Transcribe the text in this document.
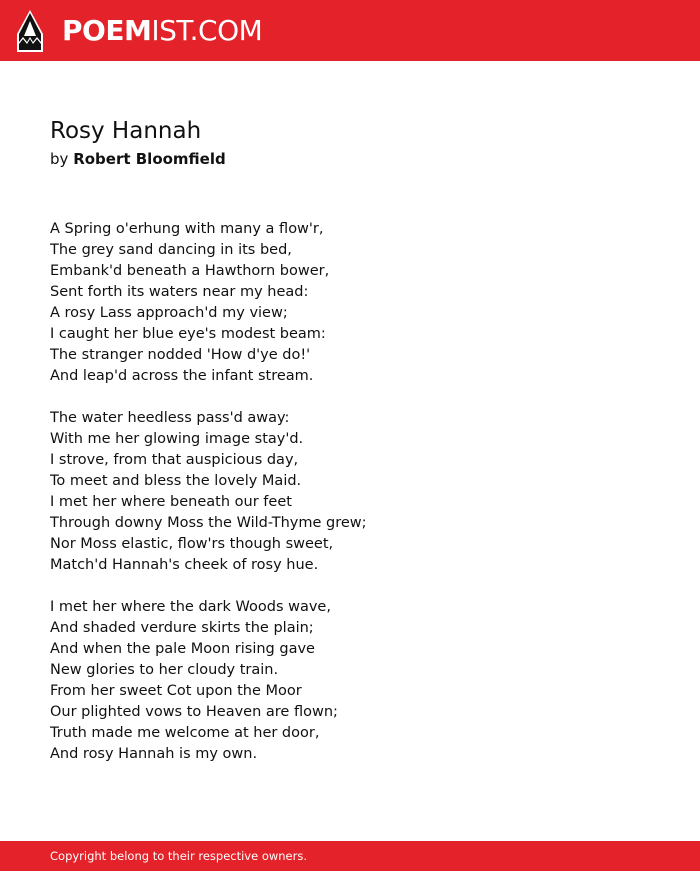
POEMIST.COM
Rosy Hannah
by Robert Bloomfield
A Spring o'erhung with many a flow'r,
The grey sand dancing in its bed,
Embank'd beneath a Hawthorn bower,
Sent forth its waters near my head:
A rosy Lass approach'd my view;
I caught her blue eye's modest beam:
The stranger nodded 'How d'ye do!'
And leap'd across the infant stream.
The water heedless pass'd away:
With me her glowing image stay'd.
I strove, from that auspicious day,
To meet and bless the lovely Maid.
I met her where beneath our feet
Through downy Moss the Wild-Thyme grew;
Nor Moss elastic, flow'rs though sweet,
Match'd Hannah's cheek of rosy hue.
I met her where the dark Woods wave,
And shaded verdure skirts the plain;
And when the pale Moon rising gave
New glories to her cloudy train.
From her sweet Cot upon the Moor
Our plighted vows to Heaven are flown;
Truth made me welcome at her door,
And rosy Hannah is my own.
Copyright belong to their respective owners.
